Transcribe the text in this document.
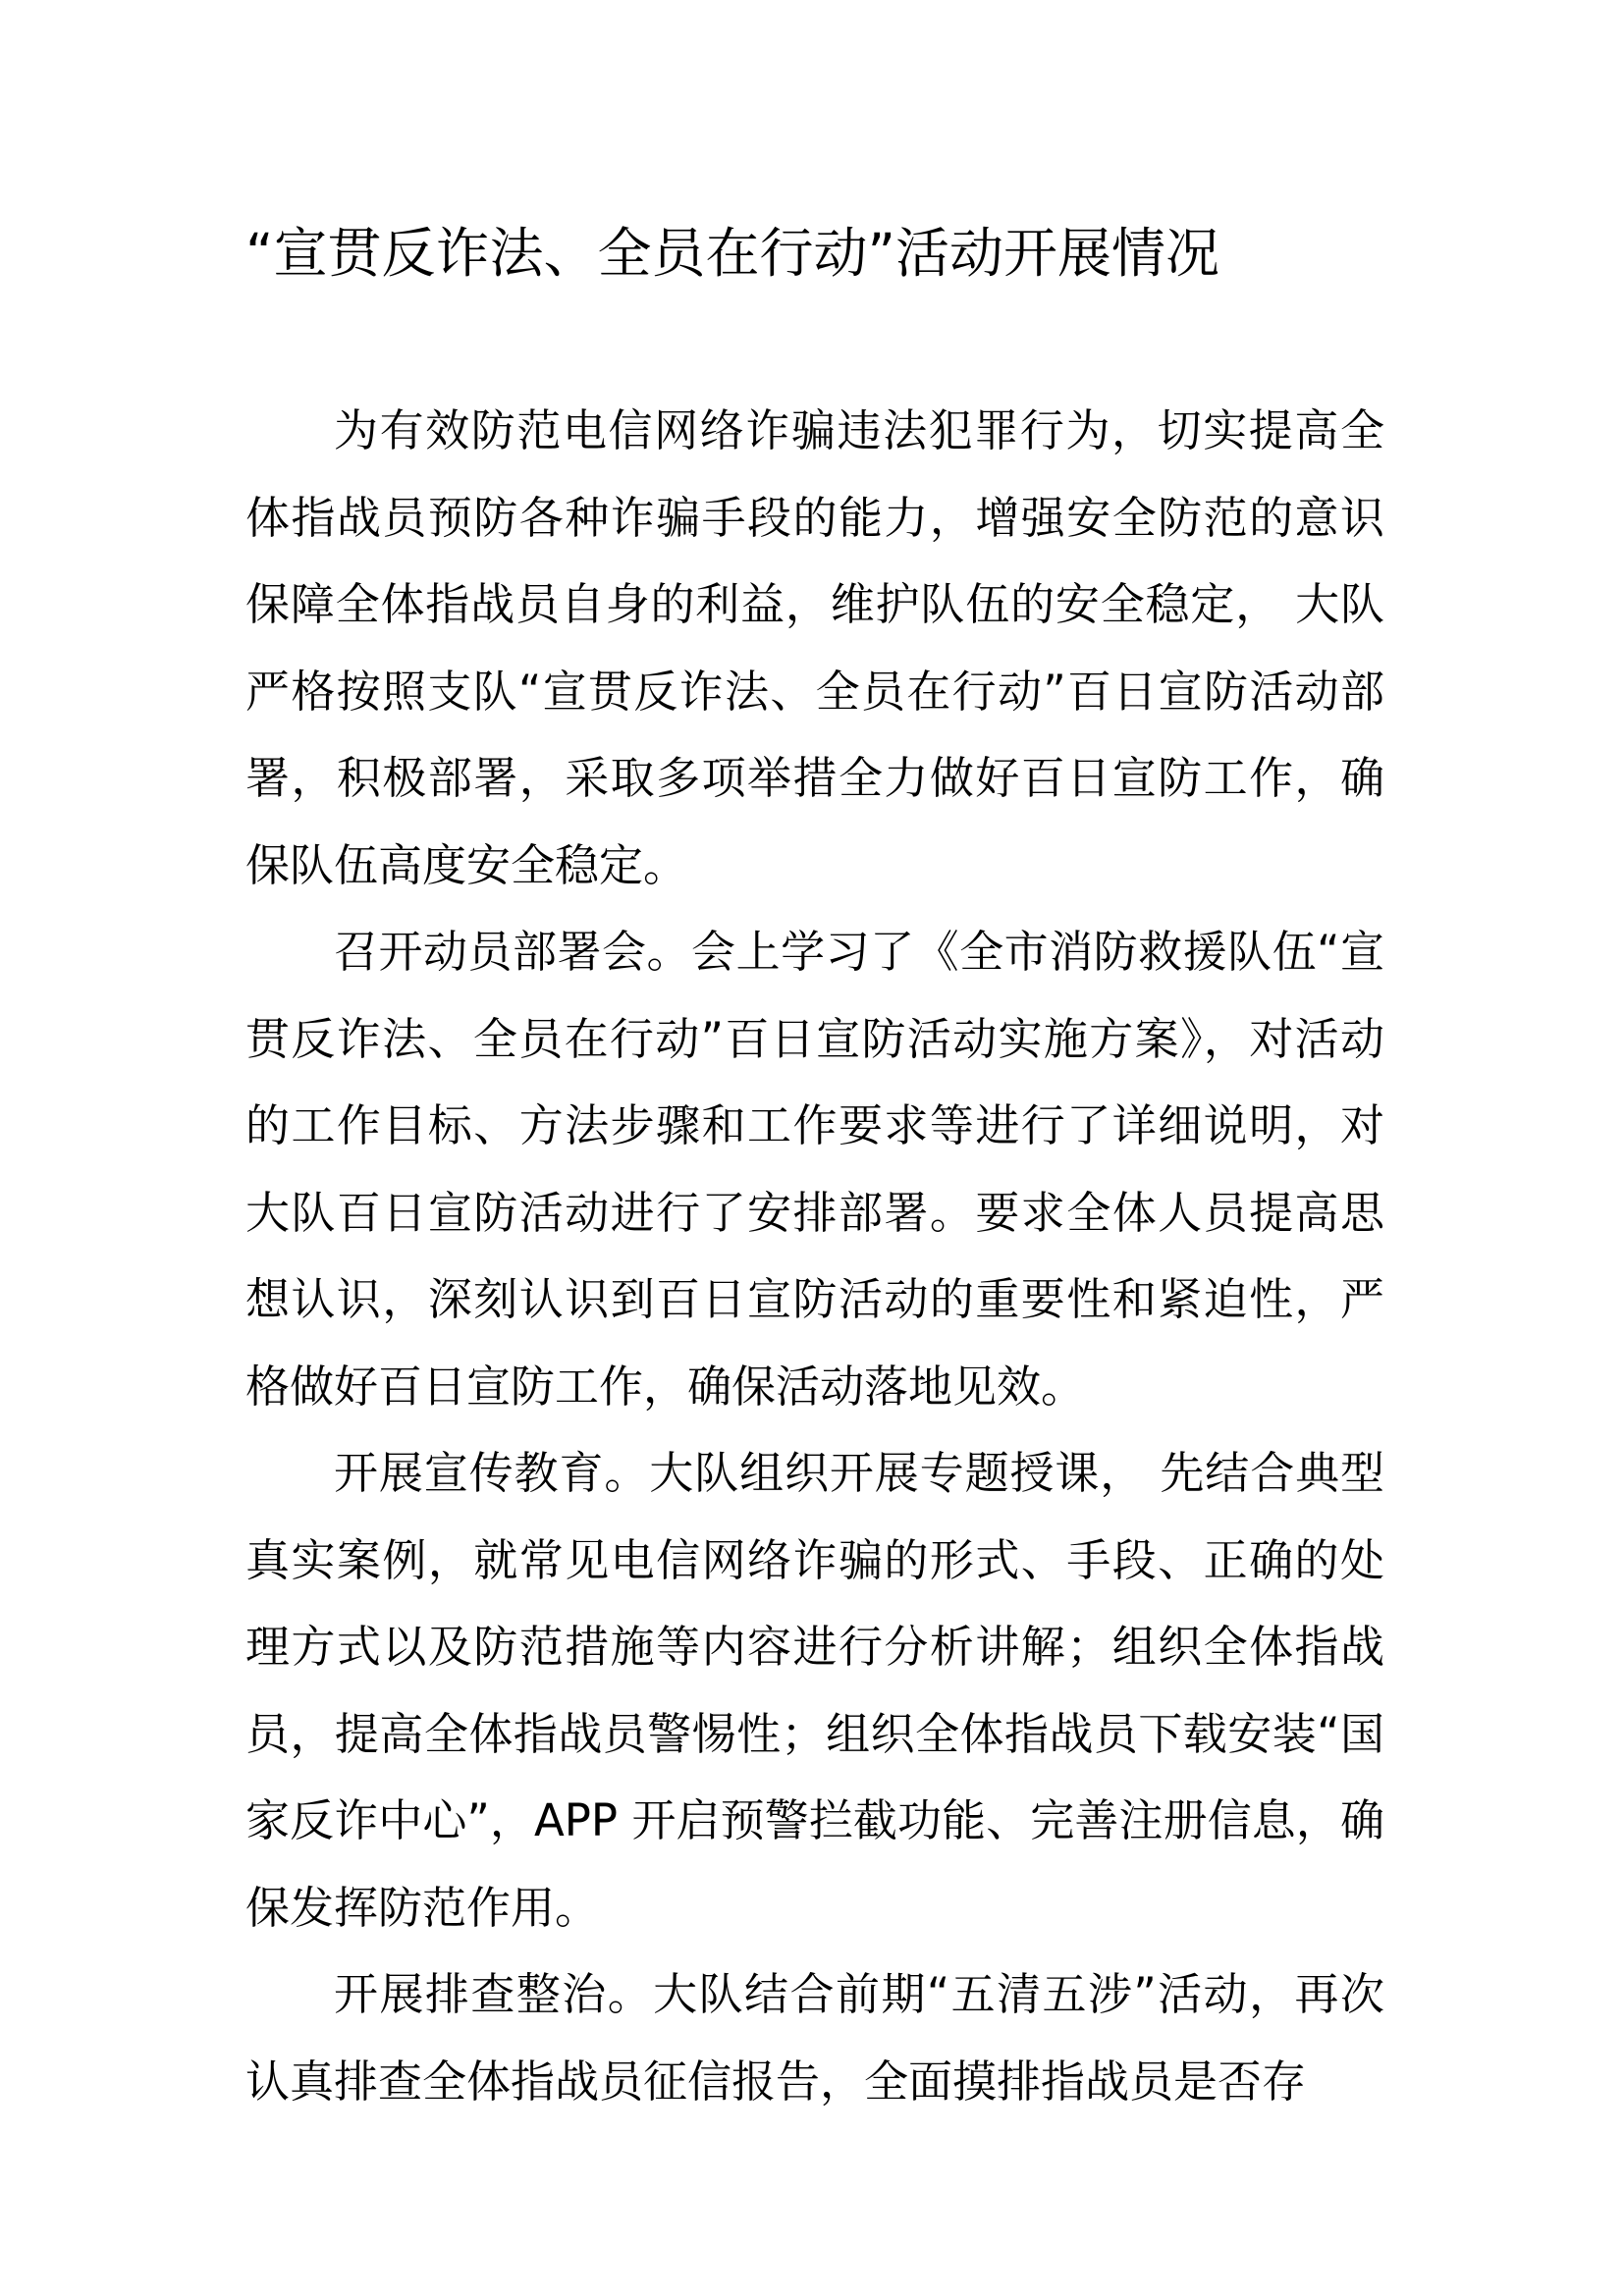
“宣贯反诈法、全员在行动”活动开展情况

为有效防范电信网络诈骗违法犯罪行为，切实提高全体指战员预防各种诈骗手段的能力，增强安全防范的意识保障全体指战员自身的利益，维护队伍的安全稳定， 大队严格按照支队“宣贯反诈法、全员在行动”百日宣防活动部署，积极部署，采取多项举措全力做好百日宣防工作，确保队伍高度安全稳定。

召开动员部署会。会上学习了《全市消防救援队伍“宣贯反诈法、全员在行动”百日宣防活动实施方案》，对活动的工作目标、方法步骤和工作要求等进行了详细说明，对大队百日宣防活动进行了安排部署。要求全体人员提高思想认识，深刻认识到百日宣防活动的重要性和紧迫性，严格做好百日宣防工作，确保活动落地见效。

开展宣传教育。大队组织开展专题授课， 先结合典型真实案例，就常见电信网络诈骗的形式、手段、正确的处理方式以及防范措施等内容进行分析讲解；组织全体指战员，提高全体指战员警惕性；组织全体指战员下载安装“国家反诈中心”，APP 开启预警拦截功能、完善注册信息，确保发挥防范作用。

开展排查整治。大队结合前期“五清五涉”活动，再次认真排查全体指战员征信报告，全面摸排指战员是否存
